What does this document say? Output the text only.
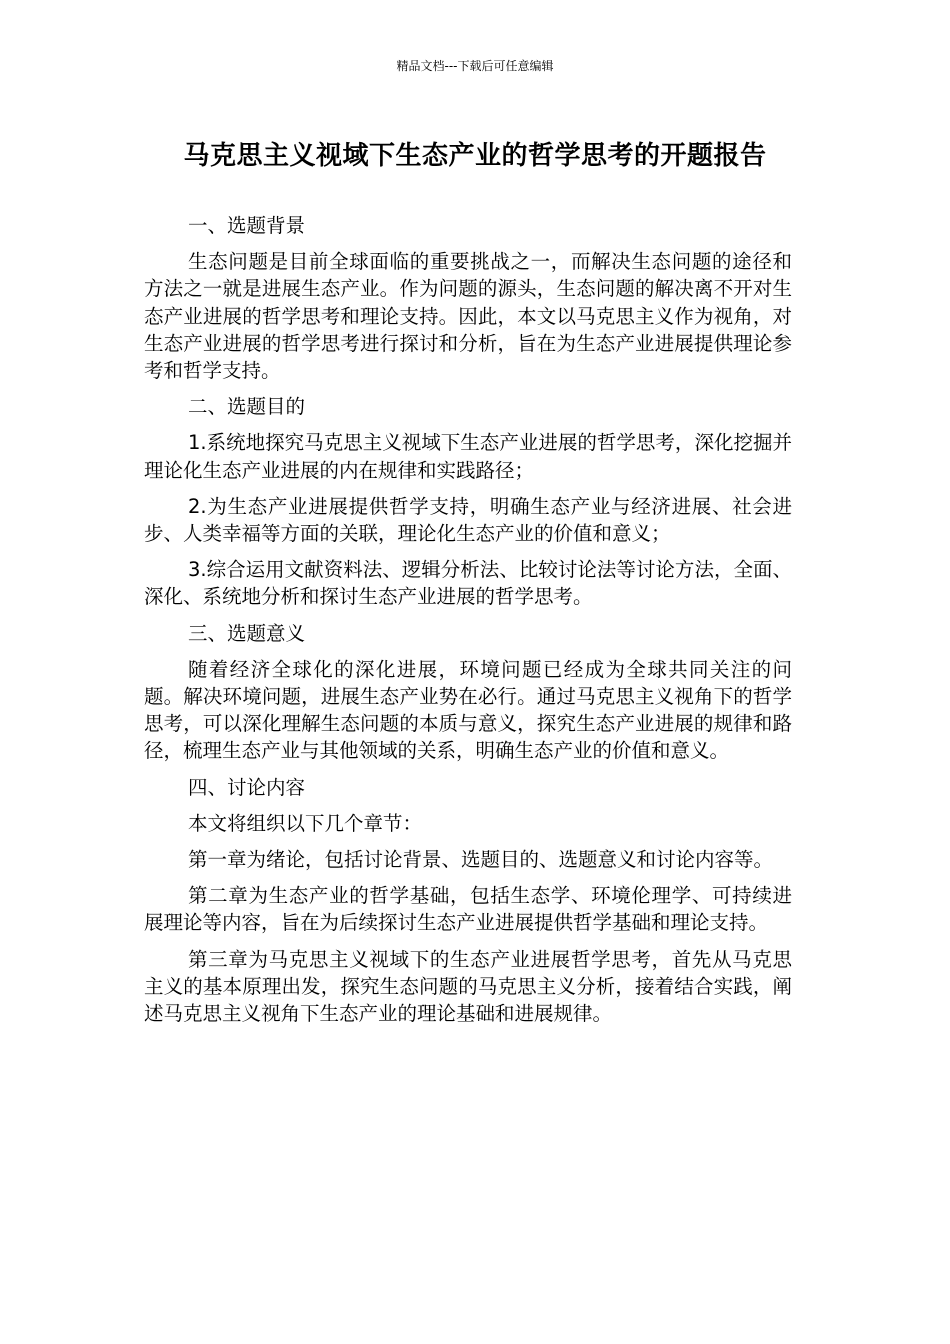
精品文档---下载后可任意编辑
马克思主义视域下生态产业的哲学思考的开题报告

一、选题背景

生态问题是目前全球面临的重要挑战之一，而解决生态问题的途径和方法之一就是进展生态产业。作为问题的源头，生态问题的解决离不开对生态产业进展的哲学思考和理论支持。因此，本文以马克思主义作为视角，对生态产业进展的哲学思考进行探讨和分析，旨在为生态产业进展提供理论参考和哲学支持。

二、选题目的

1.系统地探究马克思主义视域下生态产业进展的哲学思考，深化挖掘并理论化生态产业进展的内在规律和实践路径；

2.为生态产业进展提供哲学支持，明确生态产业与经济进展、社会进步、人类幸福等方面的关联，理论化生态产业的价值和意义；

3.综合运用文献资料法、逻辑分析法、比较讨论法等讨论方法，全面、深化、系统地分析和探讨生态产业进展的哲学思考。

三、选题意义

随着经济全球化的深化进展，环境问题已经成为全球共同关注的问题。解决环境问题，进展生态产业势在必行。通过马克思主义视角下的哲学思考，可以深化理解生态问题的本质与意义，探究生态产业进展的规律和路径，梳理生态产业与其他领域的关系，明确生态产业的价值和意义。

四、讨论内容

本文将组织以下几个章节：

第一章为绪论，包括讨论背景、选题目的、选题意义和讨论内容等。

第二章为生态产业的哲学基础，包括生态学、环境伦理学、可持续进展理论等内容，旨在为后续探讨生态产业进展提供哲学基础和理论支持。

第三章为马克思主义视域下的生态产业进展哲学思考，首先从马克思主义的基本原理出发，探究生态问题的马克思主义分析，接着结合实践，阐述马克思主义视角下生态产业的理论基础和进展规律。
